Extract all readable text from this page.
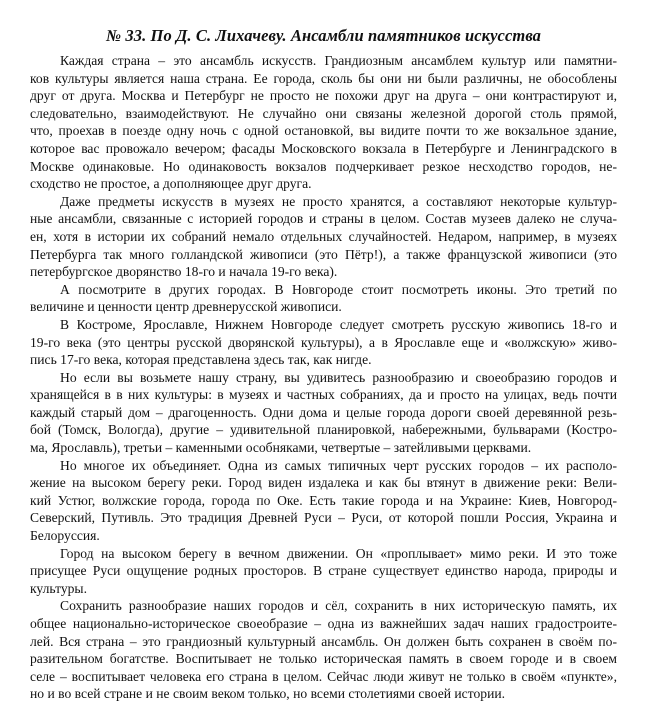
№ 33. По Д. С. Лихачеву. Ансамбли памятников искусства
Каждая страна – это ансамбль искусств. Грандиозным ансамблем культур или памятни-
ков культуры является наша страна. Ее города, сколь бы они ни были различны, не обособлены
друг от друга. Москва и Петербург не просто не похожи друг на друга – они контрастируют и,
следовательно, взаимодействуют. Не случайно они связаны железной дорогой столь прямой,
что, проехав в поезде одну ночь с одной остановкой, вы видите почти то же вокзальное здание,
которое вас провожало вечером; фасады Московского вокзала в Петербурге и Ленинградского в
Москве одинаковые. Но одинаковость вокзалов подчеркивает резкое несходство городов, не-
сходство не простое, а дополняющее друг друга.
Даже предметы искусств в музеях не просто хранятся, а составляют некоторые культур-
ные ансамбли, связанные с историей городов и страны в целом. Состав музеев далеко не случа-
ен, хотя в истории их собраний немало отдельных случайностей. Недаром, например, в музеях
Петербурга так много голландской живописи (это Пётр!), а также французской живописи (это
петербургское дворянство 18-го и начала 19-го века).
А посмотрите в других городах. В Новгороде стоит посмотреть иконы. Это третий по
величине и ценности центр древнерусской живописи.
В Костроме, Ярославле, Нижнем Новгороде следует смотреть русскую живопись 18-го и
19-го века (это центры русской дворянской культуры), а в Ярославле еще и «волжскую» живо-
пись 17-го века, которая представлена здесь так, как нигде.
Но если вы возьмете нашу страну, вы удивитесь разнообразию и своеобразию городов и
хранящейся в в них культуры: в музеях и частных собраниях, да и просто на улицах, ведь почти
каждый старый дом – драгоценность. Одни дома и целые города дороги своей деревянной резь-
бой (Томск, Вологда), другие – удивительной планировкой, набережными, бульварами (Костро-
ма, Ярославль), третьи – каменными особняками, четвертые – затейливыми церквами.
Но многое их объединяет. Одна из самых типичных черт русских городов – их располо-
жение на высоком берегу реки. Город виден издалека и как бы втянут в движение реки: Вели-
кий Устюг, волжские города, города по Оке. Есть такие города и на Украине: Киев, Новгород-
Северский, Путивль. Это традиция Древней Руси – Руси, от которой пошли Россия, Украина и
Белоруссия.
Город на высоком берегу в вечном движении. Он «проплывает» мимо реки. И это тоже
присущее Руси ощущение родных просторов. В стране существует единство народа, природы и
культуры.
Сохранить разнообразие наших городов и сёл, сохранить в них историческую память, их
общее национально-историческое своеобразие – одна из важнейших задач наших градостроите-
лей. Вся страна – это грандиозный культурный ансамбль. Он должен быть сохранен в своём по-
разительном богатстве. Воспитывает не только историческая память в своем городе и в своем
селе – воспитывает человека его страна в целом. Сейчас люди живут не только в своём «пункте»,
но и во всей стране и не своим веком только, но всеми столетиями своей истории.
